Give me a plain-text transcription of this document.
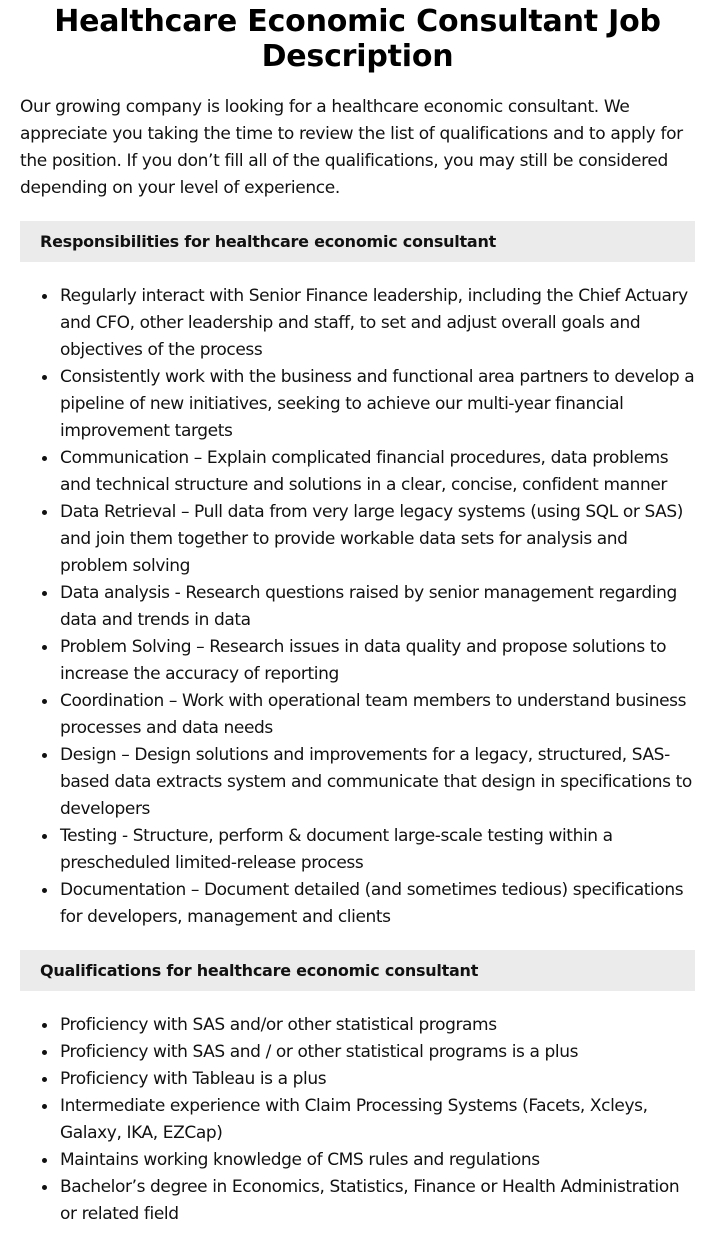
Healthcare Economic Consultant Job Description

Our growing company is looking for a healthcare economic consultant. We appreciate you taking the time to review the list of qualifications and to apply for the position. If you don’t fill all of the qualifications, you may still be considered depending on your level of experience.

Responsibilities for healthcare economic consultant
Regularly interact with Senior Finance leadership, including the Chief Actuary and CFO, other leadership and staff, to set and adjust overall goals and objectives of the process
Consistently work with the business and functional area partners to develop a pipeline of new initiatives, seeking to achieve our multi-year financial improvement targets
Communication – Explain complicated financial procedures, data problems and technical structure and solutions in a clear, concise, confident manner
Data Retrieval – Pull data from very large legacy systems (using SQL or SAS) and join them together to provide workable data sets for analysis and problem solving
Data analysis - Research questions raised by senior management regarding data and trends in data
Problem Solving – Research issues in data quality and propose solutions to increase the accuracy of reporting
Coordination – Work with operational team members to understand business processes and data needs
Design – Design solutions and improvements for a legacy, structured, SAS-based data extracts system and communicate that design in specifications to developers
Testing - Structure, perform & document large-scale testing within a prescheduled limited-release process
Documentation – Document detailed (and sometimes tedious) specifications for developers, management and clients
Qualifications for healthcare economic consultant
Proficiency with SAS and/or other statistical programs
Proficiency with SAS and / or other statistical programs is a plus
Proficiency with Tableau is a plus
Intermediate experience with Claim Processing Systems (Facets, Xcleys, Galaxy, IKA, EZCap)
Maintains working knowledge of CMS rules and regulations
Bachelor’s degree in Economics, Statistics, Finance or Health Administration or related field
